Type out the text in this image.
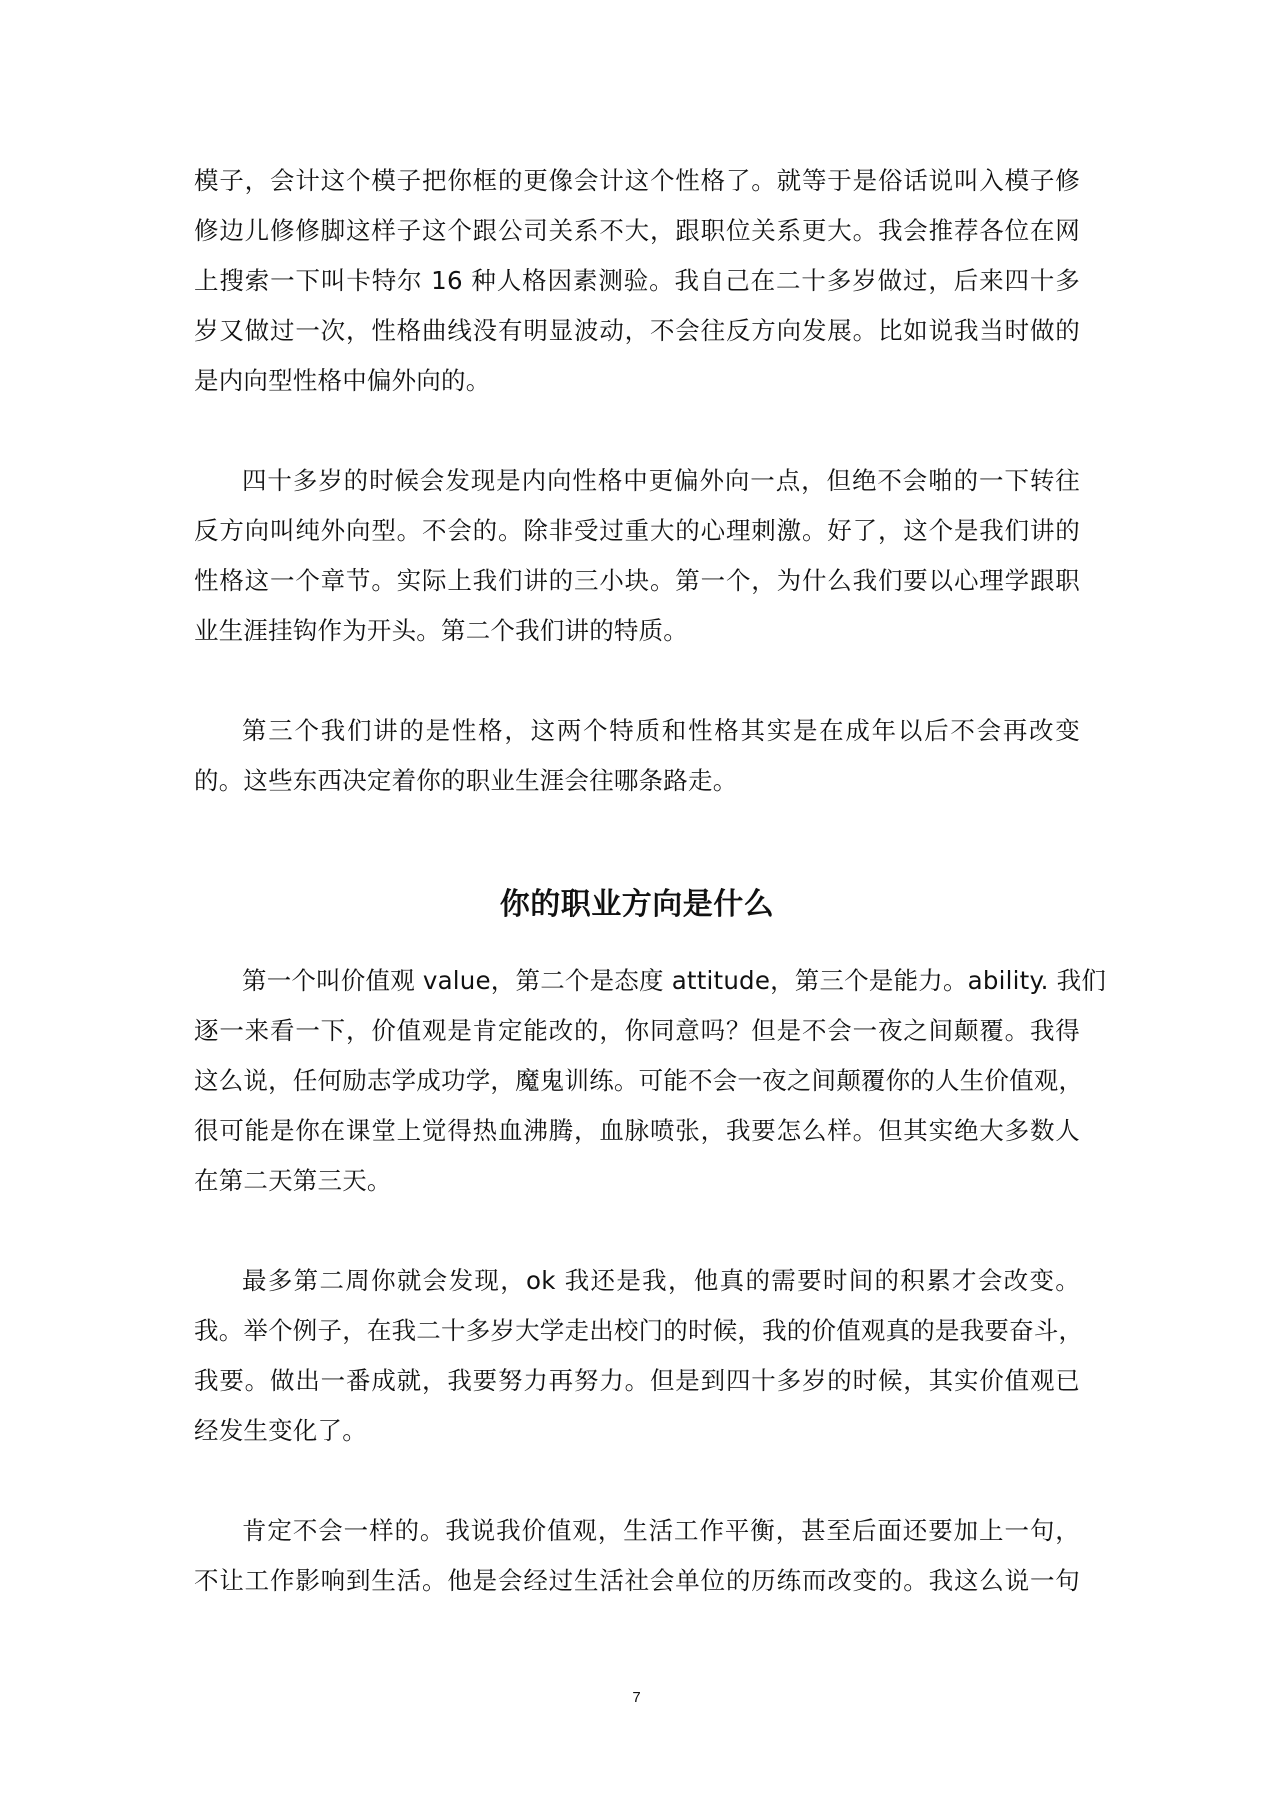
模子，会计这个模子把你框的更像会计这个性格了。就等于是俗话说叫入模子修
修边儿修修脚这样子这个跟公司关系不大，跟职位关系更大。我会推荐各位在网
上搜索一下叫卡特尔 16 种人格因素测验。我自己在二十多岁做过，后来四十多
岁又做过一次，性格曲线没有明显波动，不会往反方向发展。比如说我当时做的
是内向型性格中偏外向的。
四十多岁的时候会发现是内向性格中更偏外向一点，但绝不会啪的一下转往
反方向叫纯外向型。不会的。除非受过重大的心理刺激。好了，这个是我们讲的
性格这一个章节。实际上我们讲的三小块。第一个，为什么我们要以心理学跟职
业生涯挂钩作为开头。第二个我们讲的特质。
第三个我们讲的是性格，这两个特质和性格其实是在成年以后不会再改变
的。这些东西决定着你的职业生涯会往哪条路走。
你的职业方向是什么
第一个叫价值观 value，第二个是态度 attitude，第三个是能力。ability. 我们
逐一来看一下，价值观是肯定能改的，你同意吗？但是不会一夜之间颠覆。我得
这么说，任何励志学成功学，魔鬼训练。可能不会一夜之间颠覆你的人生价值观，
很可能是你在课堂上觉得热血沸腾，血脉喷张，我要怎么样。但其实绝大多数人
在第二天第三天。
最多第二周你就会发现，ok 我还是我，他真的需要时间的积累才会改变。
我。举个例子，在我二十多岁大学走出校门的时候，我的价值观真的是我要奋斗，
我要。做出一番成就，我要努力再努力。但是到四十多岁的时候，其实价值观已
经发生变化了。
肯定不会一样的。我说我价值观，生活工作平衡，甚至后面还要加上一句，
不让工作影响到生活。他是会经过生活社会单位的历练而改变的。我这么说一句
7
